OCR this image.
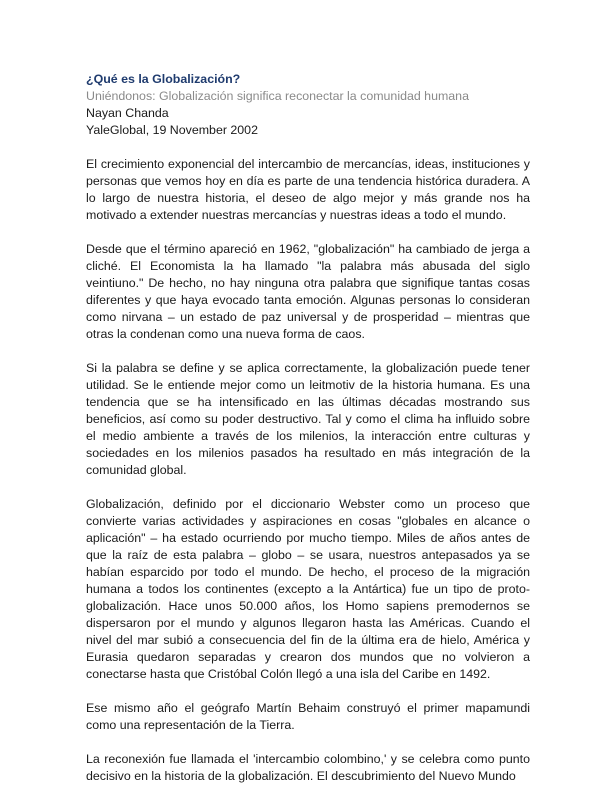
¿Qué es la Globalización?

Uniéndonos: Globalización significa reconectar la comunidad humana

Nayan Chanda

YaleGlobal, 19 November 2002

El crecimiento exponencial del intercambio de mercancías, ideas, instituciones y personas que vemos hoy en día es parte de una tendencia histórica duradera. A lo largo de nuestra historia, el deseo de algo mejor y más grande nos ha motivado a extender nuestras mercancías y nuestras ideas a todo el mundo.

Desde que el término apareció en 1962, "globalización" ha cambiado de jerga a cliché. El Economista la ha llamado "la palabra más abusada del siglo veintiuno." De hecho, no hay ninguna otra palabra que signifique tantas cosas diferentes y que haya evocado tanta emoción. Algunas personas lo consideran como nirvana – un estado de paz universal y de prosperidad – mientras que otras la condenan como una nueva forma de caos.

Si la palabra se define y se aplica correctamente, la globalización puede tener utilidad. Se le entiende mejor como un leitmotiv de la historia humana. Es una tendencia que se ha intensificado en las últimas décadas mostrando sus beneficios, así como su poder destructivo. Tal y como el clima ha influido sobre el medio ambiente a través de los milenios, la interacción entre culturas y sociedades en los milenios pasados ha resultado en más integración de la comunidad global.

Globalización, definido por el diccionario Webster como un proceso que convierte varias actividades y aspiraciones en cosas "globales en alcance o aplicación" – ha estado ocurriendo por mucho tiempo. Miles de años antes de que la raíz de esta palabra – globo – se usara, nuestros antepasados ya se habían esparcido por todo el mundo. De hecho, el proceso de la migración humana a todos los continentes (excepto a la Antártica) fue un tipo de proto-globalización. Hace unos 50.000 años, los Homo sapiens premodernos se dispersaron por el mundo y algunos llegaron hasta las Américas. Cuando el nivel del mar subió a consecuencia del fin de la última era de hielo, América y Eurasia quedaron separadas y crearon dos mundos que no volvieron a conectarse hasta que Cristóbal Colón llegó a una isla del Caribe en 1492.

Ese mismo año el geógrafo Martín Behaim construyó el primer mapamundi como una representación de la Tierra.

La reconexión fue llamada el 'intercambio colombino,' y se celebra como punto decisivo en la historia de la globalización. El descubrimiento del Nuevo Mundo
